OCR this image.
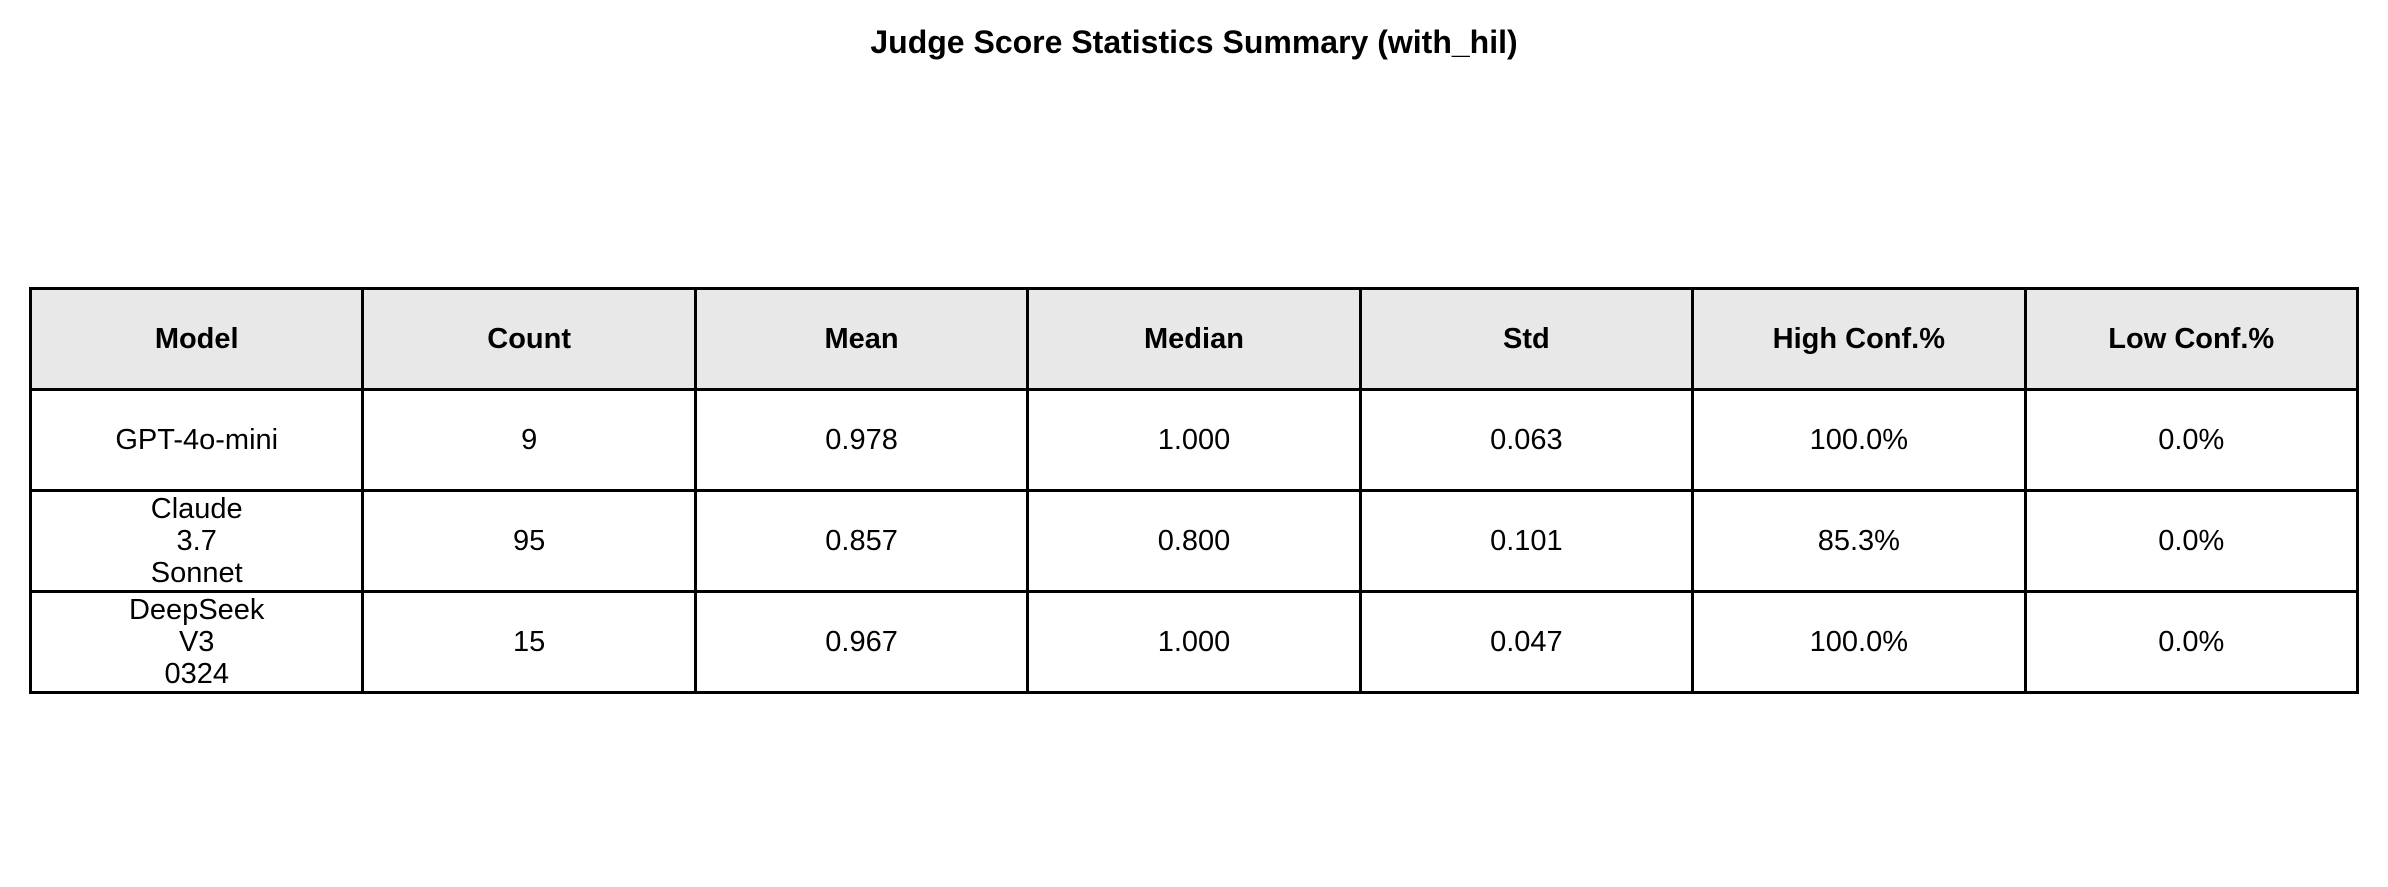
Judge Score Statistics Summary (with_hil)
Model	Count	Mean	Median	Std	High Conf.%	Low Conf.%
GPT-4o-mini	9	0.978	1.000	0.063	100.0%	0.0%
Claude
3.7
Sonnet	95	0.857	0.800	0.101	85.3%	0.0%
DeepSeek
V3
0324	15	0.967	1.000	0.047	100.0%	0.0%
